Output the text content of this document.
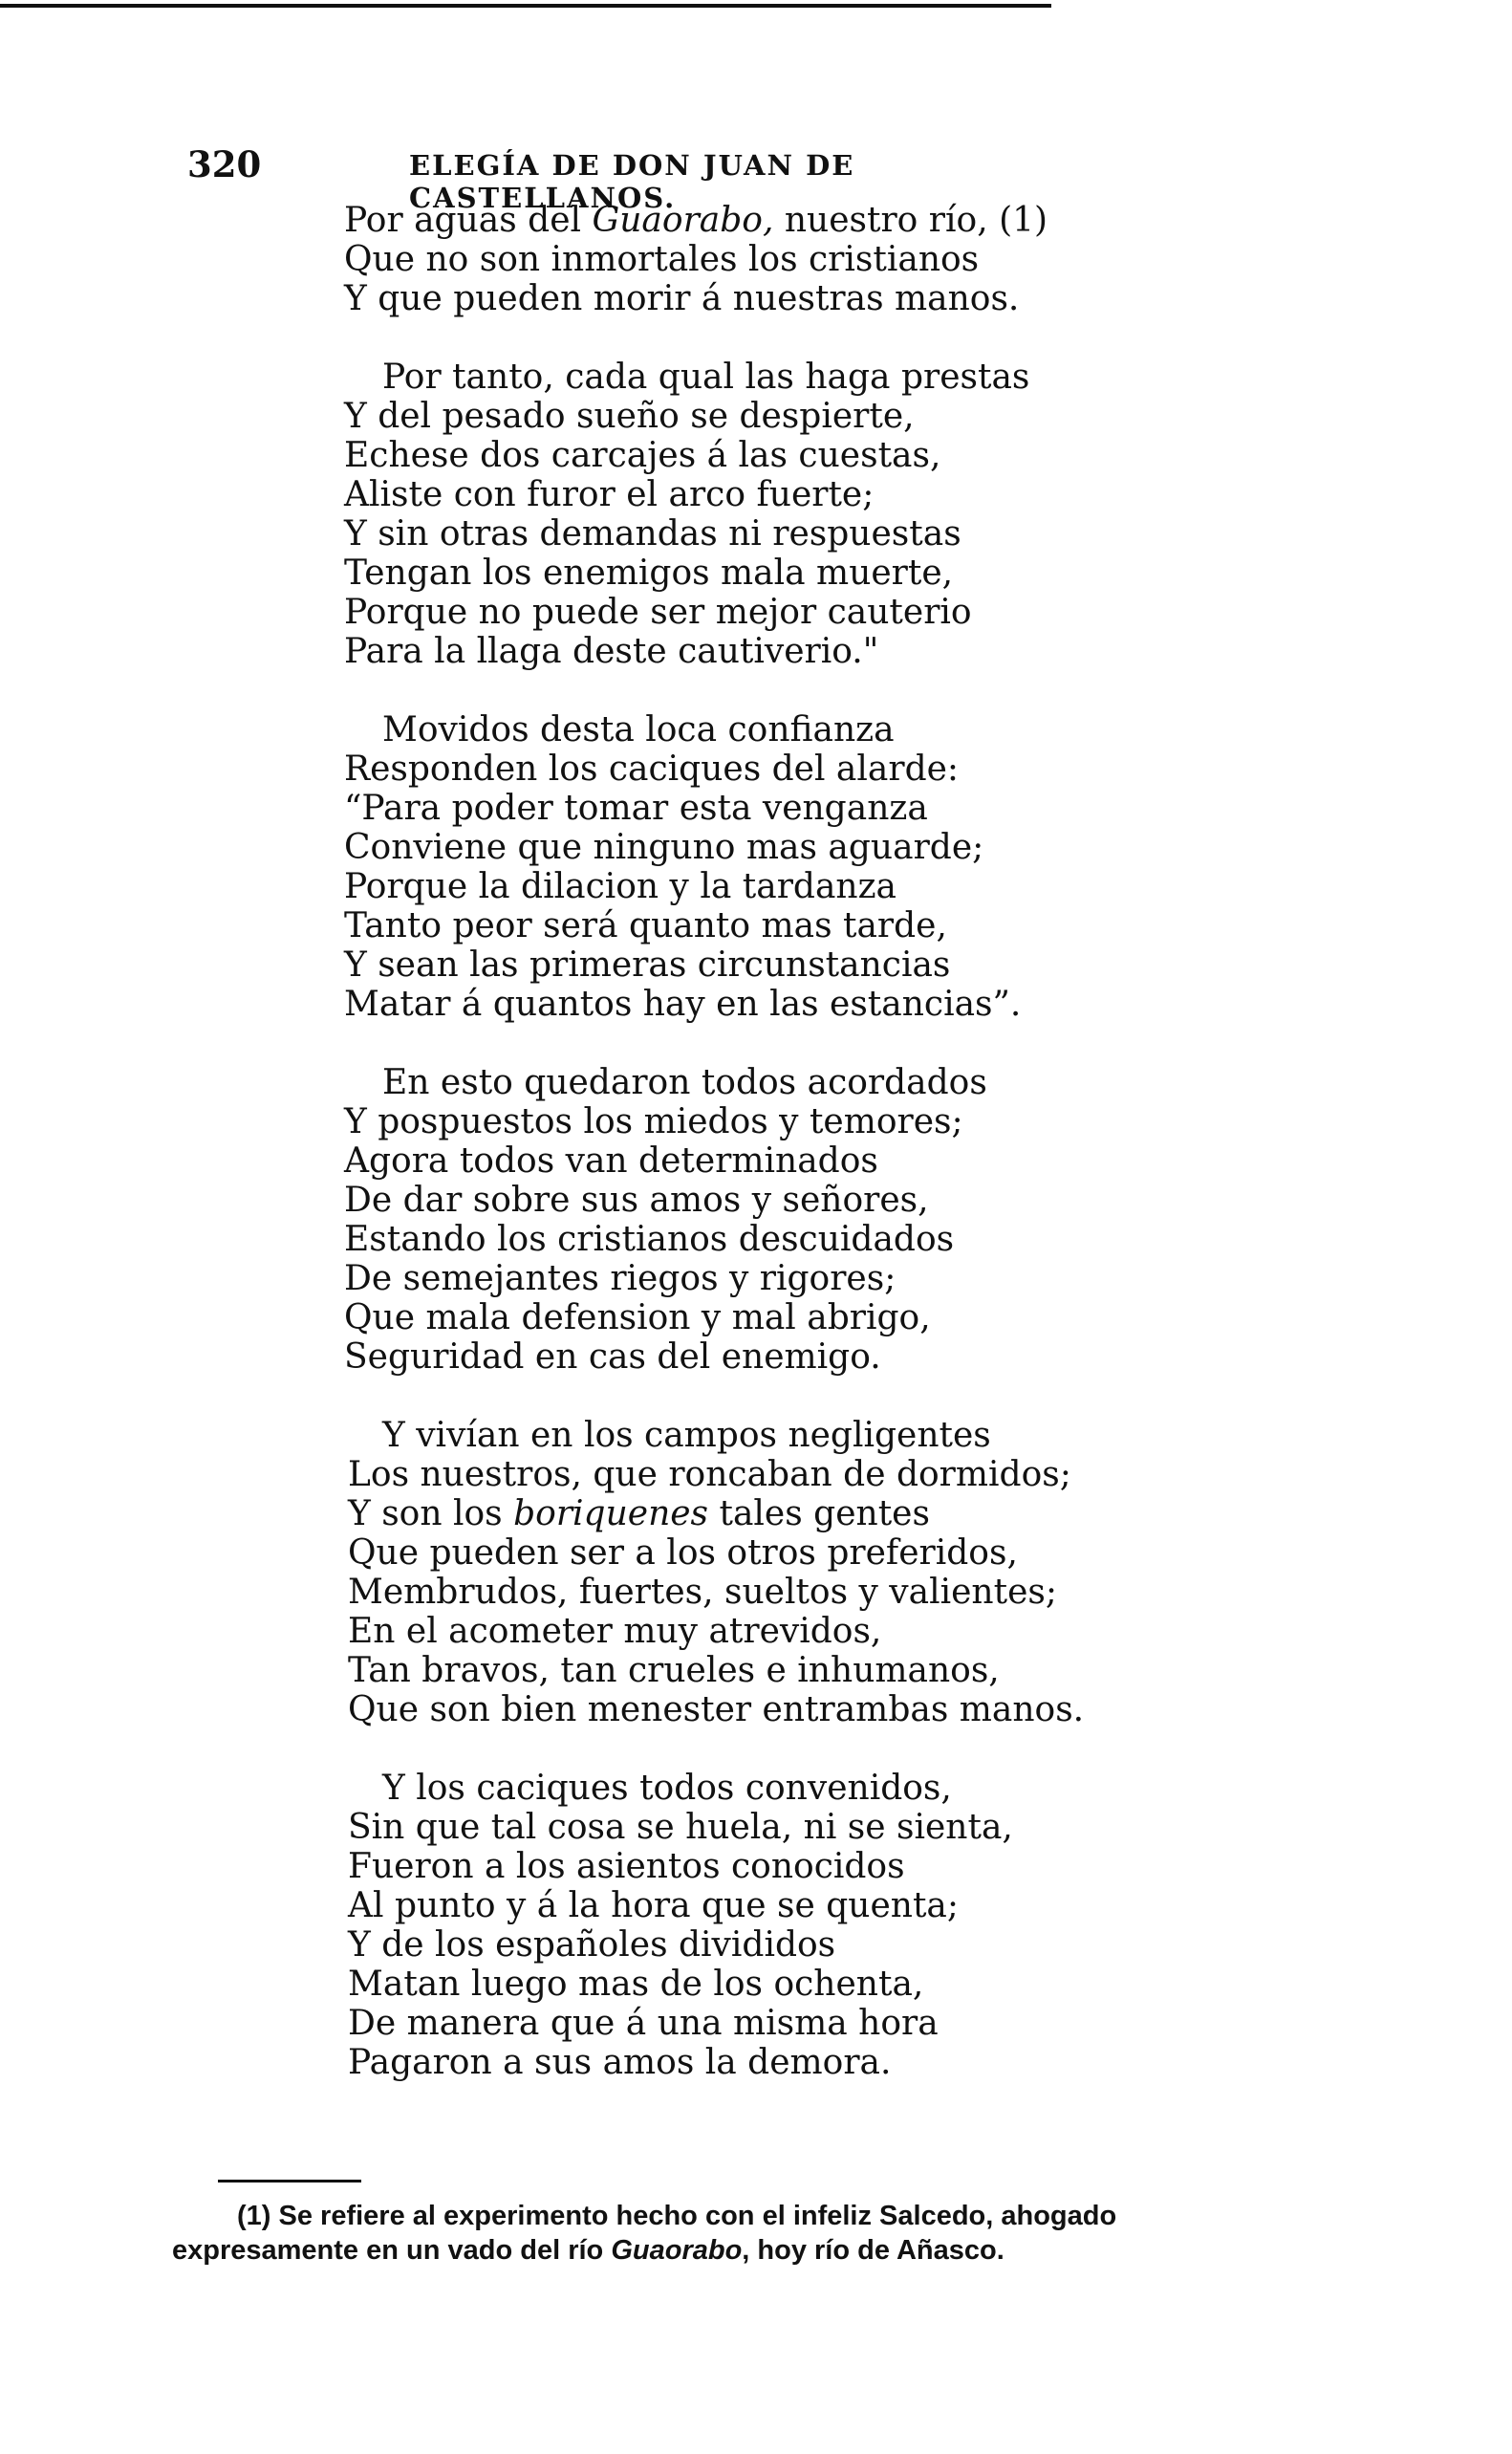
320	ELEGÍA DE DON JUAN DE CASTELLANOS.
Por aguas del Guaorabo, nuestro río, (1)
Que no son inmortales los cristianos
Y que pueden morir á nuestras manos.
Por tanto, cada qual las haga prestas
Y del pesado sueño se despierte,
Echese dos carcajes á las cuestas,
Aliste con furor el arco fuerte;
Y sin otras demandas ni respuestas
Tengan los enemigos mala muerte,
Porque no puede ser mejor cauterio
Para la llaga deste cautiverio."
Movidos desta loca confianza
Responden los caciques del alarde:
“Para poder tomar esta venganza
Conviene que ninguno mas aguarde;
Porque la dilacion y la tardanza
Tanto peor será quanto mas tarde,
Y sean las primeras circunstancias
Matar á quantos hay en las estancias”.
En esto quedaron todos acordados
Y pospuestos los miedos y temores;
Agora todos van determinados
De dar sobre sus amos y señores,
Estando los cristianos descuidados
De semejantes riegos y rigores;
Que mala defension y mal abrigo,
Seguridad en cas del enemigo.
Y vivían en los campos negligentes
Los nuestros, que roncaban de dormidos;
Y son los boriquenes tales gentes
Que pueden ser a los otros preferidos,
Membrudos, fuertes, sueltos y valientes;
En el acometer muy atrevidos,
Tan bravos, tan crueles e inhumanos,
Que son bien menester entrambas manos.
Y los caciques todos convenidos,
Sin que tal cosa se huela, ni se sienta,
Fueron a los asientos conocidos
Al punto y á la hora que se quenta;
Y de los españoles divididos
Matan luego mas de los ochenta,
De manera que á una misma hora
Pagaron a sus amos la demora.
(1) Se refiere al experimento hecho con el infeliz Salcedo, ahogado
expresamente en un vado del río Guaorabo, hoy río de Añasco.
